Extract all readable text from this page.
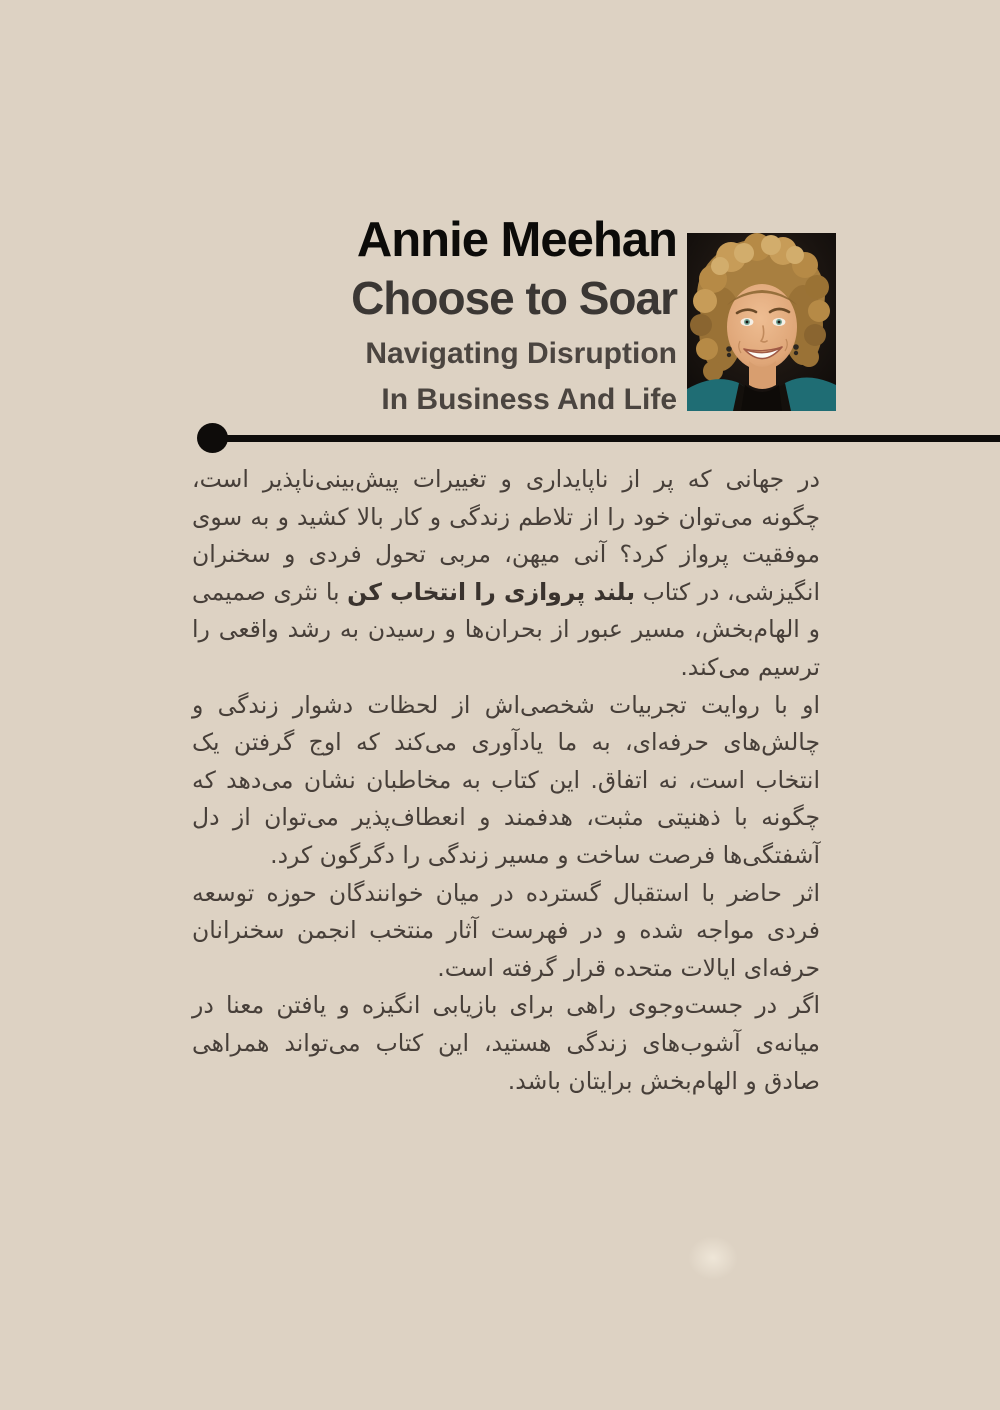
Annie Meehan
Choose to Soar
Navigating Disruption
In Business And Life

در جهانی که پر از ناپایداری و تغییرات پیش‌بینی‌ناپذیر است، چگونه می‌توان خود را از تلاطم زندگی و کار بالا کشید و به سوی موفقیت پرواز کرد؟ آنی میهن، مربی تحول فردی و سخنران انگیزشی، در کتاب بلند پروازی را انتخاب کن با نثری صمیمی و الهام‌بخش، مسیر عبور از بحران‌ها و رسیدن به رشد واقعی را ترسیم می‌کند.

او با روایت تجربیات شخصی‌اش از لحظات دشوار زندگی و چالش‌های حرفه‌ای، به ما یادآوری می‌کند که اوج گرفتن یک انتخاب است، نه اتفاق. این کتاب به مخاطبان نشان می‌دهد که چگونه با ذهنیتی مثبت، هدفمند و انعطاف‌پذیر می‌توان از دل آشفتگی‌ها فرصت ساخت و مسیر زندگی را دگرگون کرد.

اثر حاضر با استقبال گسترده در میان خوانندگان حوزه توسعه فردی مواجه شده و در فهرست آثار منتخب انجمن سخنرانان حرفه‌ای ایالات متحده قرار گرفته است.

اگر در جست‌وجوی راهی برای بازیابی انگیزه و یافتن معنا در میانه‌ی آشوب‌های زندگی هستید، این کتاب می‌تواند همراهی صادق و الهام‌بخش برایتان باشد.
